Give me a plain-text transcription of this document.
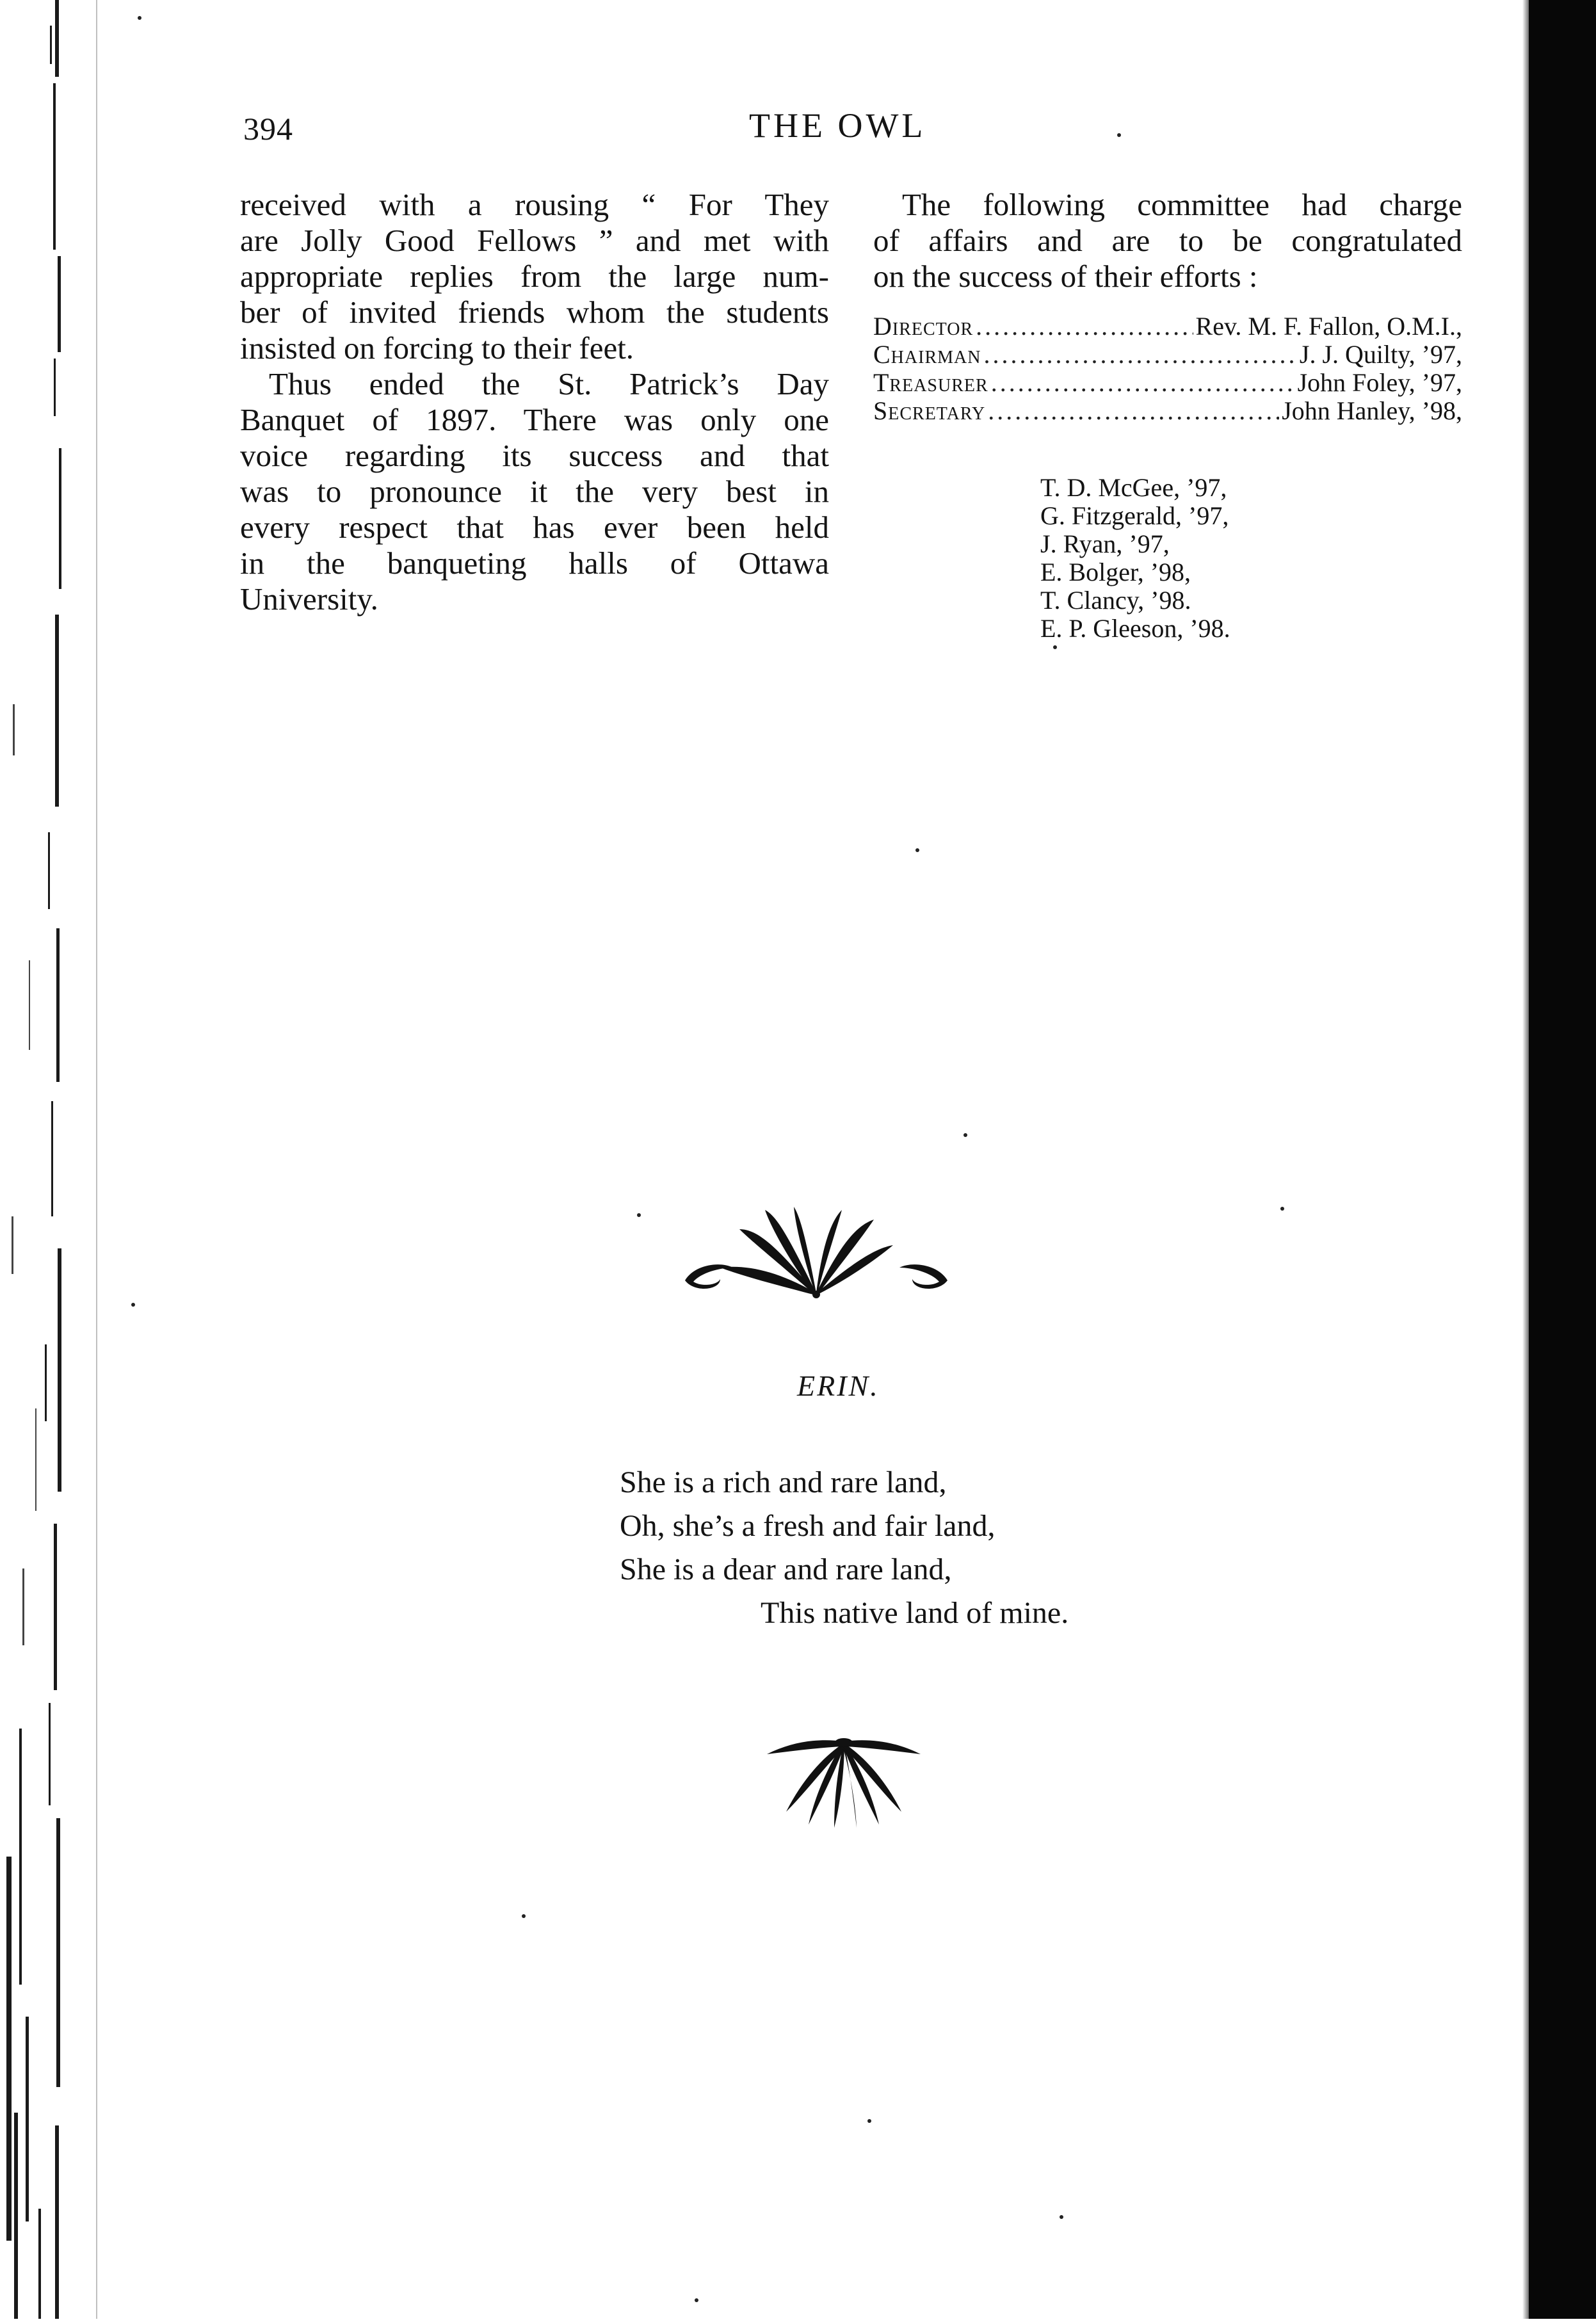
394	THE OWL

received with a rousing “ For They

are Jolly Good Fellows ” and met with

appropriate replies from the large num-

ber of invited friends whom the students

insisted on forcing to their feet.

Thus ended the St. Patrick’s Day

Banquet of 1897. There was only one

voice regarding its success and that

was to pronounce it the very best in

every respect that has ever been held

in the banqueting halls of Ottawa

University.

The following committee had charge

of affairs and are to be congratulated

on the success of their efforts :

Director .....	Rev. M. F. Fallon, O.M.I.,
Chairman .....	J. J. Quilty, ’97,
Treasurer .....	John Foley, ’97,
Secretary .....	John Hanley, ’98,
T. D. McGee, ’97,
G. Fitzgerald, ’97,
J. Ryan, ’97,
E. Bolger, ’98,
T. Clancy, ’98.
E. P. Gleeson, ’98.
ERIN.
She is a rich and rare land,
Oh, she’s a fresh and fair land,
She is a dear and rare land,
This native land of mine.
